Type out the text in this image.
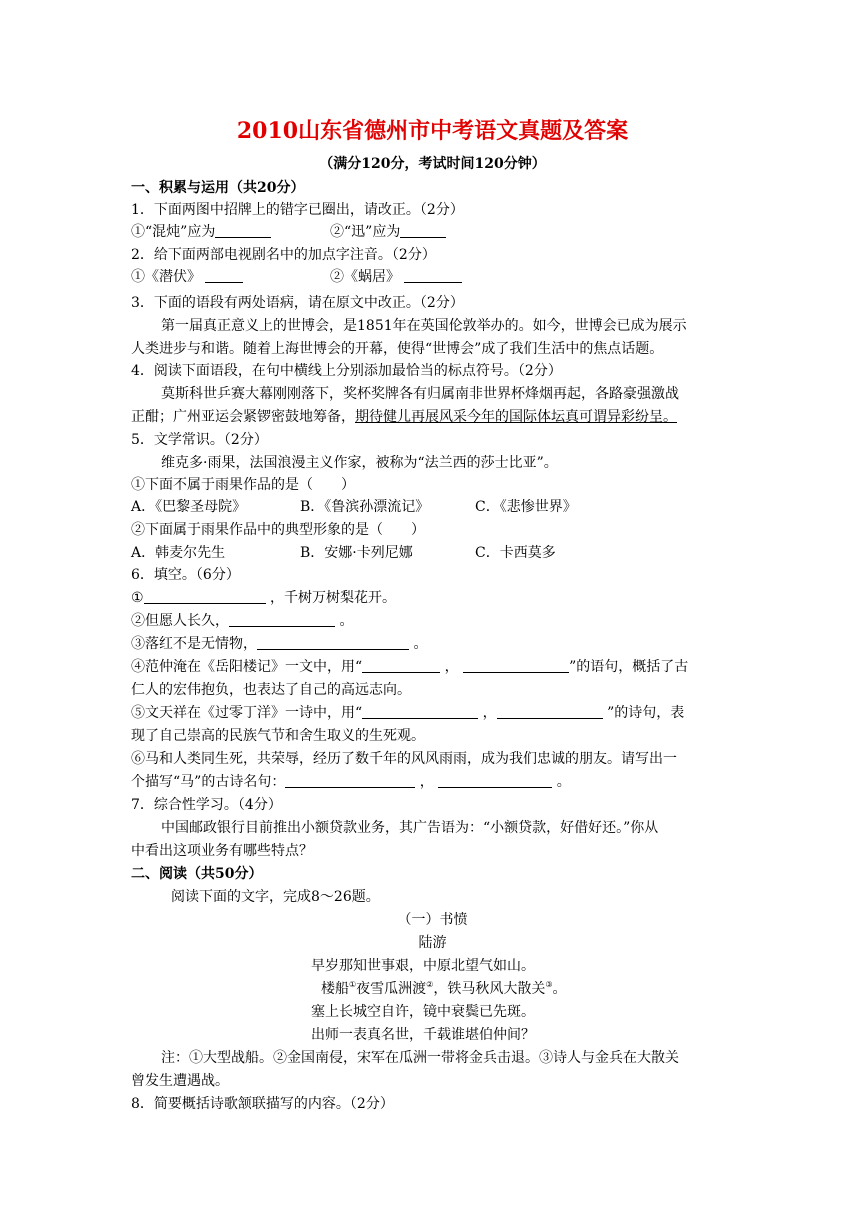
2010山东省德州市中考语文真题及答案
（满分120分，考试时间120分钟）
一、积累与运用（共20分）
1．下面两图中招牌上的错字已圈出，请改正。（2分）
①“混炖”应为	②“迅”应为
2．给下面两部电视剧名中的加点字注音。（2分）
①《潜伏》	②《蜗居》
3．下面的语段有两处语病，请在原文中改正。（2分）
第一届真正意义上的世博会，是1851年在英国伦敦举办的。如今，世博会已成为展示
人类进步与和谐。随着上海世博会的开幕，使得“世博会”成了我们生活中的焦点话题。
4．阅读下面语段，在句中横线上分别添加最恰当的标点符号。（2分）
莫斯科世乒赛大幕刚刚落下，奖杯奖牌各有归属南非世界杯烽烟再起，各路豪强激战
正酣；广州亚运会紧锣密鼓地筹备，期待健儿再展风采今年的国际体坛真可谓异彩纷呈。
5．文学常识。（2分）
维克多·雨果，法国浪漫主义作家，被称为“法兰西的莎士比亚”。
①下面不属于雨果作品的是（　　）
A．《巴黎圣母院》	B．《鲁滨孙漂流记》	C．《悲惨世界》
②下面属于雨果作品中的典型形象的是（　　）
A．韩麦尔先生	B．安娜·卡列尼娜	C．卡西莫多
6．填空。（6分）
①	，千树万树梨花开。
②但愿人长久，	。
③落红不是无情物，	。
④范仲淹在《岳阳楼记》一文中，用“	，	”的语句，概括了古
仁人的宏伟抱负，也表达了自己的高远志向。
⑤文天祥在《过零丁洋》一诗中，用“	，	”的诗句，表
现了自己崇高的民族气节和舍生取义的生死观。
⑥马和人类同生死，共荣辱，经历了数千年的风风雨雨，成为我们忠诚的朋友。请写出一
个描写“马”的古诗名句：	，	。
7．综合性学习。（4分）
中国邮政银行目前推出小额贷款业务，其广告语为：“小额贷款，好借好还。”你从
中看出这项业务有哪些特点？
二、阅读（共50分）
阅读下面的文字，完成8～26题。
（一）书愤
陆游
早岁那知世事艰，中原北望气如山。
楼船①夜雪瓜洲渡②，铁马秋风大散关③。
塞上长城空自许，镜中衰鬓已先斑。
出师一表真名世，千载谁堪伯仲间？
注：①大型战船。②金国南侵，宋军在瓜洲一带将金兵击退。③诗人与金兵在大散关
曾发生遭遇战。
8．简要概括诗歌颔联描写的内容。（2分）
